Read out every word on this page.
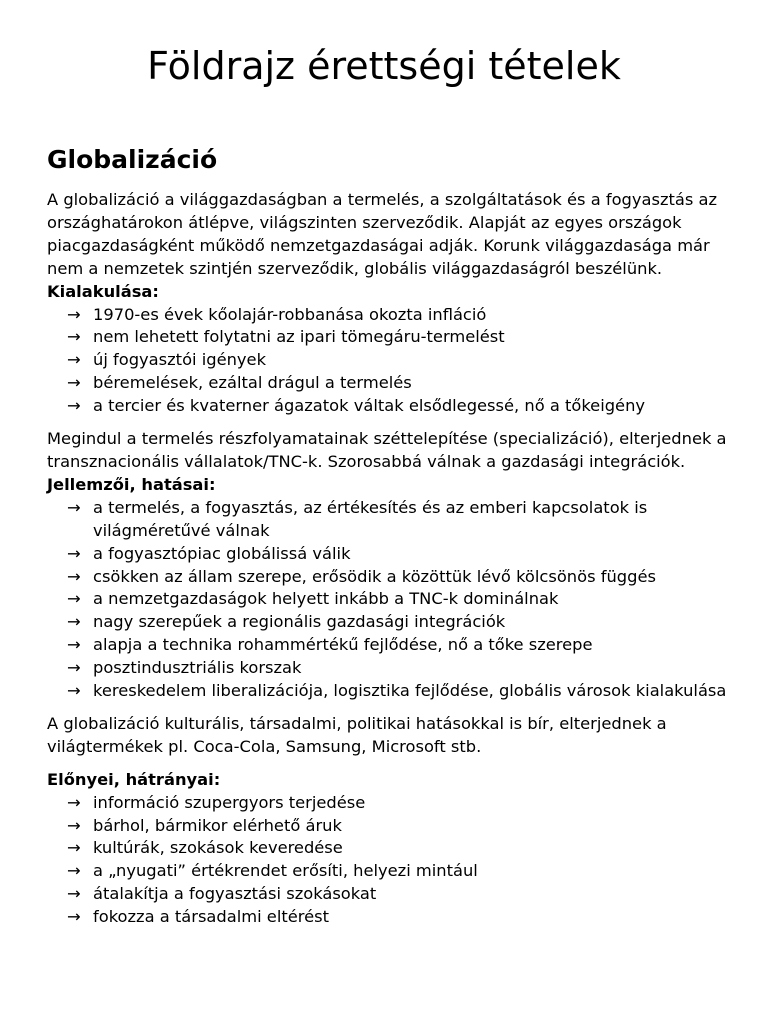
Földrajz érettségi tételek
Globalizáció

A globalizáció a világgazdaságban a termelés, a szolgáltatások és a fogyasztás az országhatárokon átlépve, világszinten szerveződik. Alapját az egyes országok piacgazdaságként működő nemzetgazdaságai adják. Korunk világgazdasága már nem a nemzetek szintjén szerveződik, globális világgazdaságról beszélünk. Kialakulása:

→ 1970-es évek kőolajár-robbanása okozta infláció
→ nem lehetett folytatni az ipari tömegáru-termelést
→ új fogyasztói igények
→ béremelések, ezáltal drágul a termelés
→ a tercier és kvaterner ágazatok váltak elsődlegessé, nő a tőkeigény

Megindul a termelés részfolyamatainak széttelepítése (specializáció), elterjednek a transznacionális vállalatok/TNC-k. Szorosabbá válnak a gazdasági integrációk.

Jellemzői, hatásai:

→ a termelés, a fogyasztás, az értékesítés és az emberi kapcsolatok is világméretűvé válnak
→ a fogyasztópiac globálissá válik
→ csökken az állam szerepe, erősödik a közöttük lévő kölcsönös függés
→ a nemzetgazdaságok helyett inkább a TNC-k dominálnak
→ nagy szerepűek a regionális gazdasági integrációk
→ alapja a technika rohammértékű fejlődése, nő a tőke szerepe
→ posztindusztriális korszak
→ kereskedelem liberalizációja, logisztika fejlődése, globális városok kialakulása

A globalizáció kulturális, társadalmi, politikai hatásokkal is bír, elterjednek a világtermékek pl. Coca-Cola, Samsung, Microsoft stb.

Előnyei, hátrányai:

→ információ szupergyors terjedése
→ bárhol, bármikor elérhető áruk
→ kultúrák, szokások keveredése
→ a „nyugati” értékrendet erősíti, helyezi mintául
→ átalakítja a fogyasztási szokásokat
→ fokozza a társadalmi eltérést
